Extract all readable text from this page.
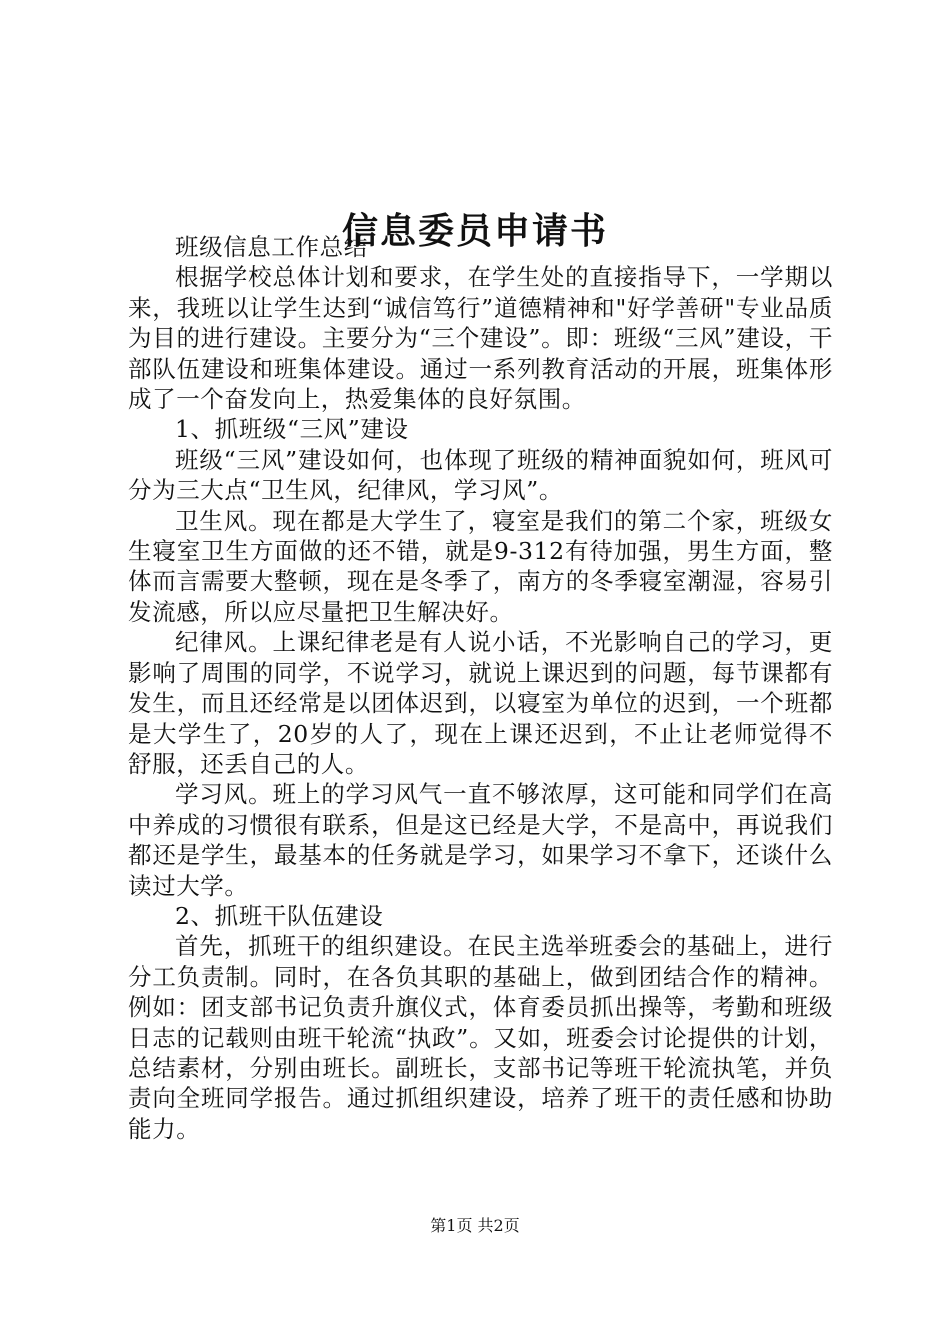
信息委员申请书

班级信息工作总结

根据学校总体计划和要求，在学生处的直接指导下，一学期以来，我班以让学生达到“诚信笃行”道德精神和"好学善研"专业品质为目的进行建设。主要分为“三个建设”。即：班级“三风”建设，干部队伍建设和班集体建设。通过一系列教育活动的开展，班集体形成了一个奋发向上，热爱集体的良好氛围。

1、抓班级“三风”建设

班级“三风”建设如何，也体现了班级的精神面貌如何，班风可分为三大点“卫生风，纪律风，学习风”。

卫生风。现在都是大学生了，寝室是我们的第二个家，班级女生寝室卫生方面做的还不错，就是9-312有待加强，男生方面，整体而言需要大整顿，现在是冬季了，南方的冬季寝室潮湿，容易引发流感，所以应尽量把卫生解决好。

纪律风。上课纪律老是有人说小话，不光影响自己的学习，更影响了周围的同学，不说学习，就说上课迟到的问题，每节课都有发生，而且还经常是以团体迟到，以寝室为单位的迟到，一个班都是大学生了，20岁的人了，现在上课还迟到，不止让老师觉得不舒服，还丢自己的人。

学习风。班上的学习风气一直不够浓厚，这可能和同学们在高中养成的习惯很有联系，但是这已经是大学，不是高中，再说我们都还是学生，最基本的任务就是学习，如果学习不拿下，还谈什么读过大学。

2、抓班干队伍建设

首先，抓班干的组织建设。在民主选举班委会的基础上，进行分工负责制。同时，在各负其职的基础上，做到团结合作的精神。例如：团支部书记负责升旗仪式，体育委员抓出操等，考勤和班级日志的记载则由班干轮流“执政”。又如，班委会讨论提供的计划，总结素材，分别由班长。副班长，支部书记等班干轮流执笔，并负责向全班同学报告。通过抓组织建设，培养了班干的责任感和协助能力。

第1页 共2页
